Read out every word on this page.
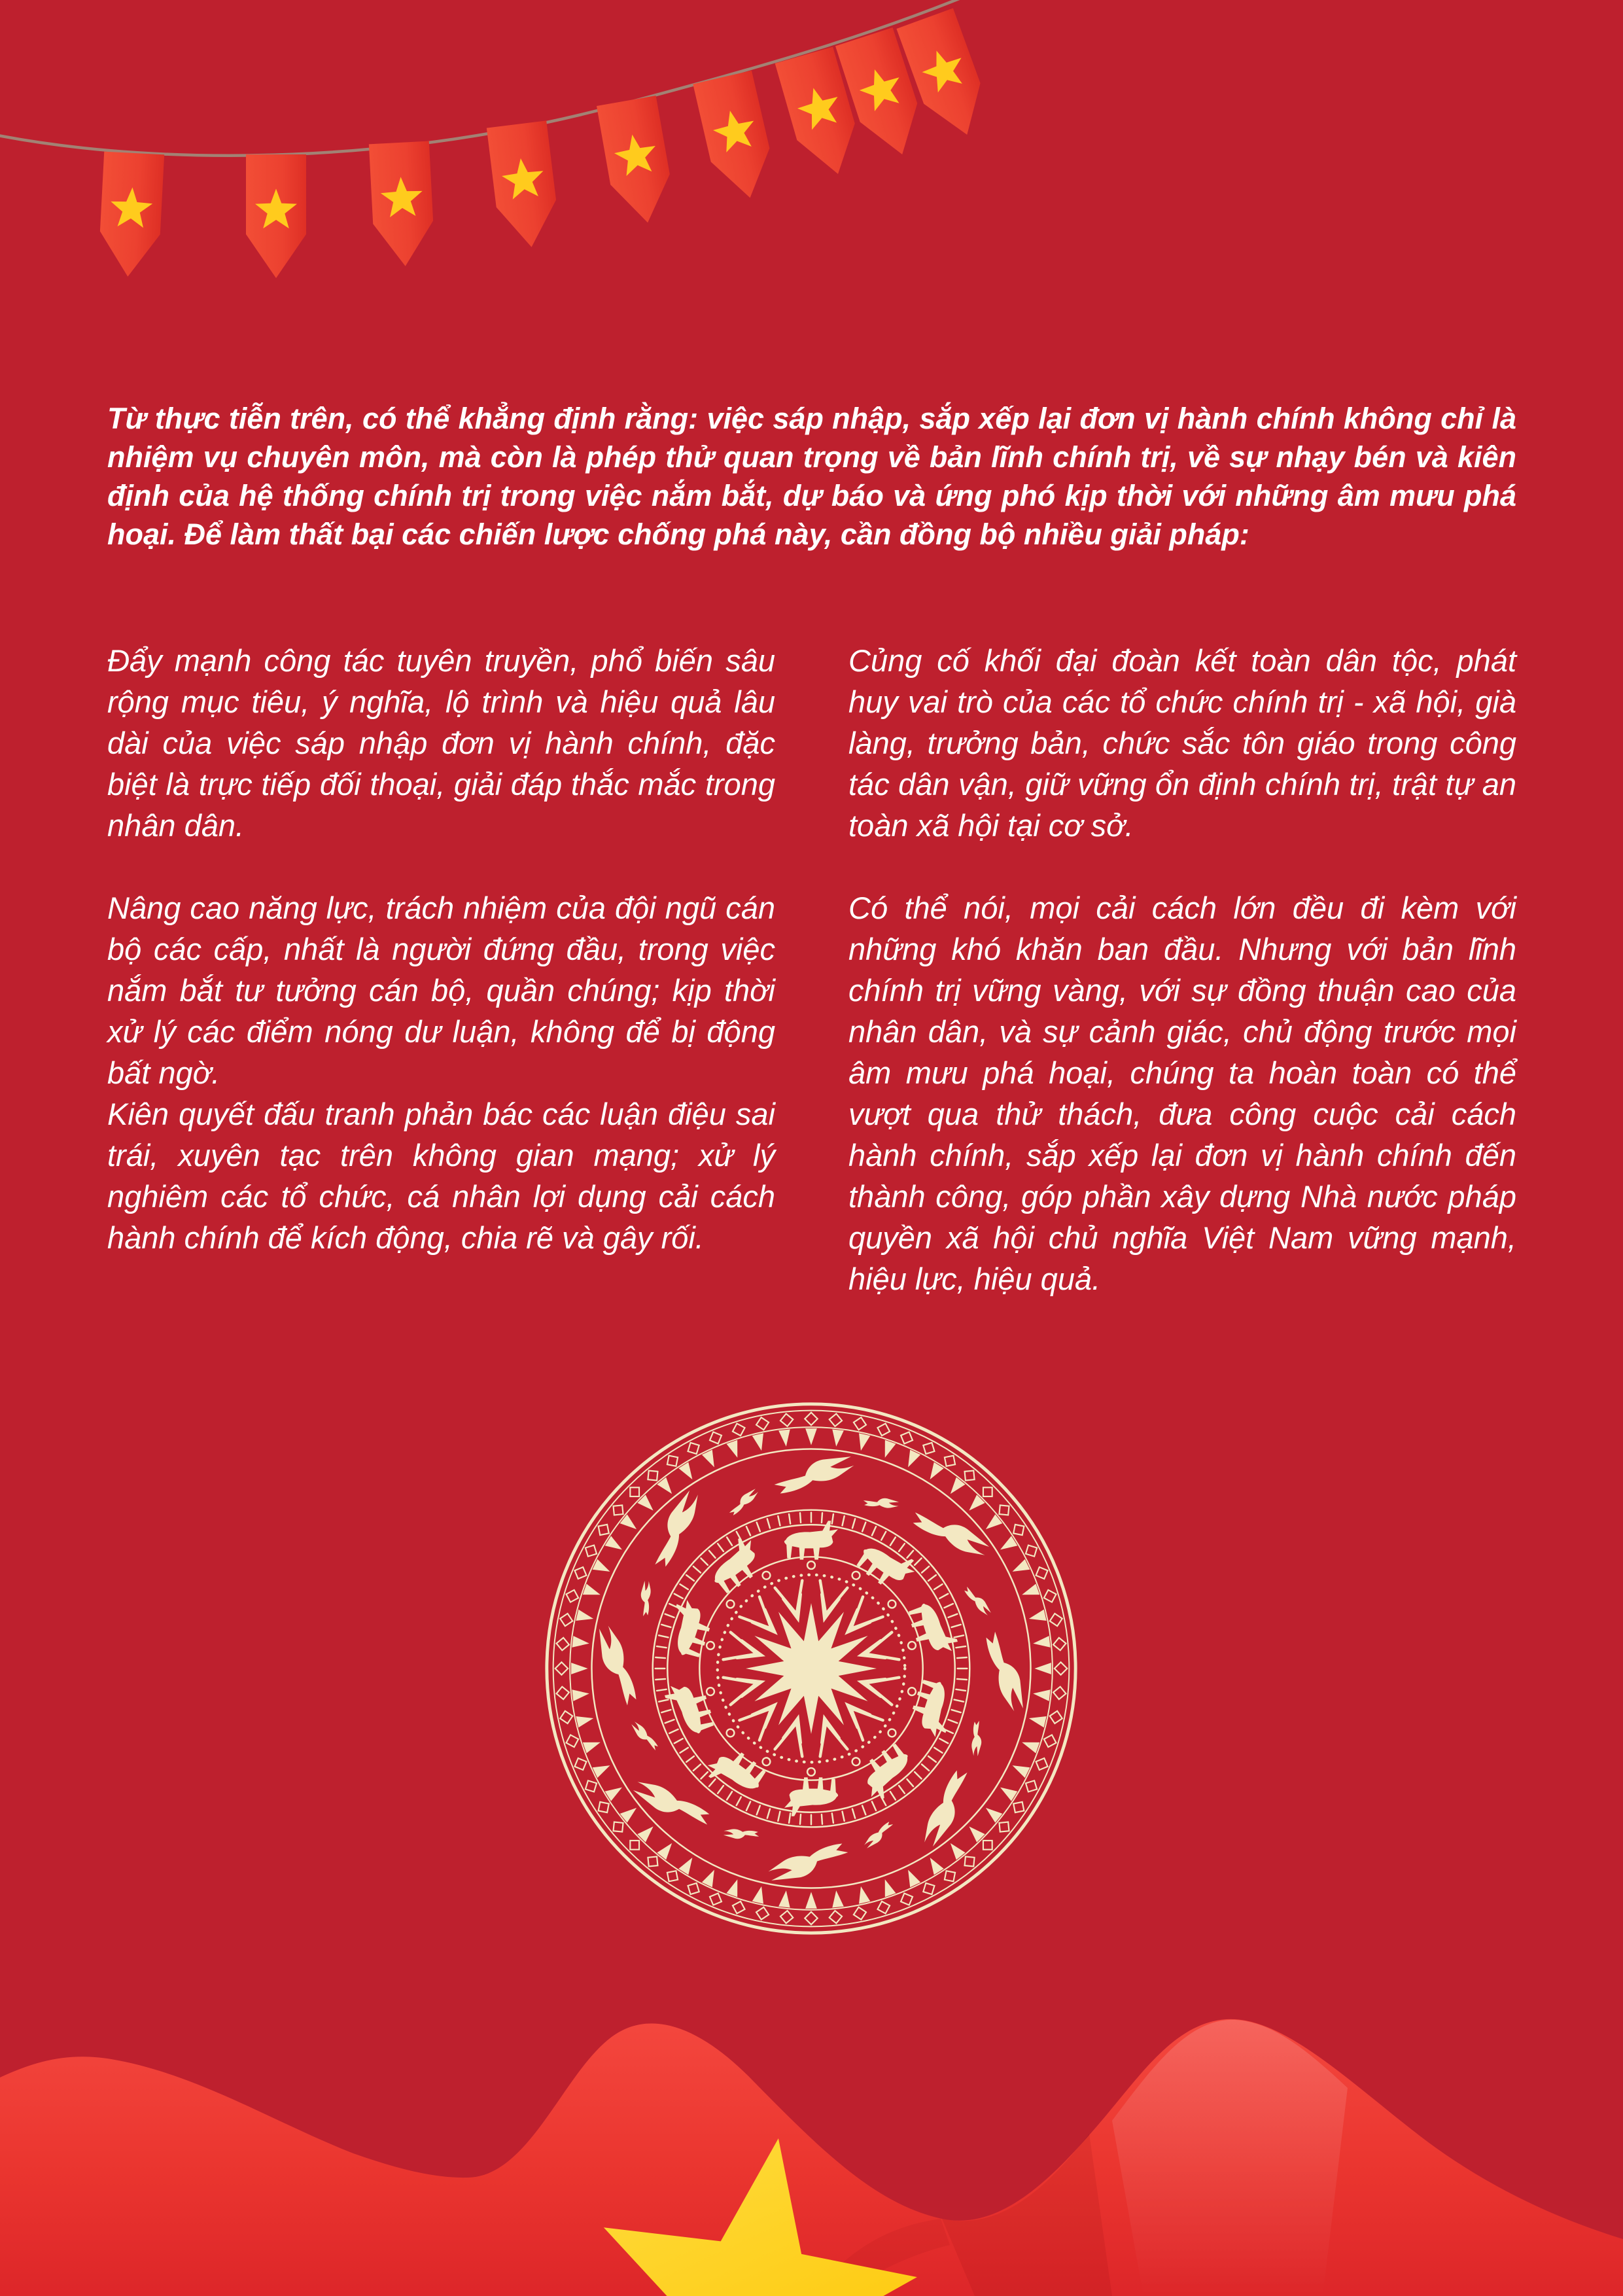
Từ thực tiễn trên, có thể khẳng định rằng: việc sáp nhập, sắp xếp lại đơn vị hành chính không chỉ là nhiệm vụ chuyên môn, mà còn là phép thử quan trọng về bản lĩnh chính trị, về sự nhạy bén và kiên định của hệ thống chính trị trong việc nắm bắt, dự báo và ứng phó kịp thời với những âm mưu phá hoại. Để làm thất bại các chiến lược chống phá này, cần đồng bộ nhiều giải pháp:

Đẩy mạnh công tác tuyên truyền, phổ biến sâu rộng mục tiêu, ý nghĩa, lộ trình và hiệu quả lâu dài của việc sáp nhập đơn vị hành chính, đặc biệt là trực tiếp đối thoại, giải đáp thắc mắc trong nhân dân.

Nâng cao năng lực, trách nhiệm của đội ngũ cán bộ các cấp, nhất là người đứng đầu, trong việc nắm bắt tư tưởng cán bộ, quần chúng; kịp thời xử lý các điểm nóng dư luận, không để bị động bất ngờ.

Kiên quyết đấu tranh phản bác các luận điệu sai trái, xuyên tạc trên không gian mạng; xử lý nghiêm các tổ chức, cá nhân lợi dụng cải cách hành chính để kích động, chia rẽ và gây rối.

Củng cố khối đại đoàn kết toàn dân tộc, phát huy vai trò của các tổ chức chính trị - xã hội, già làng, trưởng bản, chức sắc tôn giáo trong công tác dân vận, giữ vững ổn định chính trị, trật tự an toàn xã hội tại cơ sở.

Có thể nói, mọi cải cách lớn đều đi kèm với những khó khăn ban đầu. Nhưng với bản lĩnh chính trị vững vàng, với sự đồng thuận cao của nhân dân, và sự cảnh giác, chủ động trước mọi âm mưu phá hoại, chúng ta hoàn toàn có thể vượt qua thử thách, đưa công cuộc cải cách hành chính, sắp xếp lại đơn vị hành chính đến thành công, góp phần xây dựng Nhà nước pháp quyền xã hội chủ nghĩa Việt Nam vững mạnh, hiệu lực, hiệu quả.
